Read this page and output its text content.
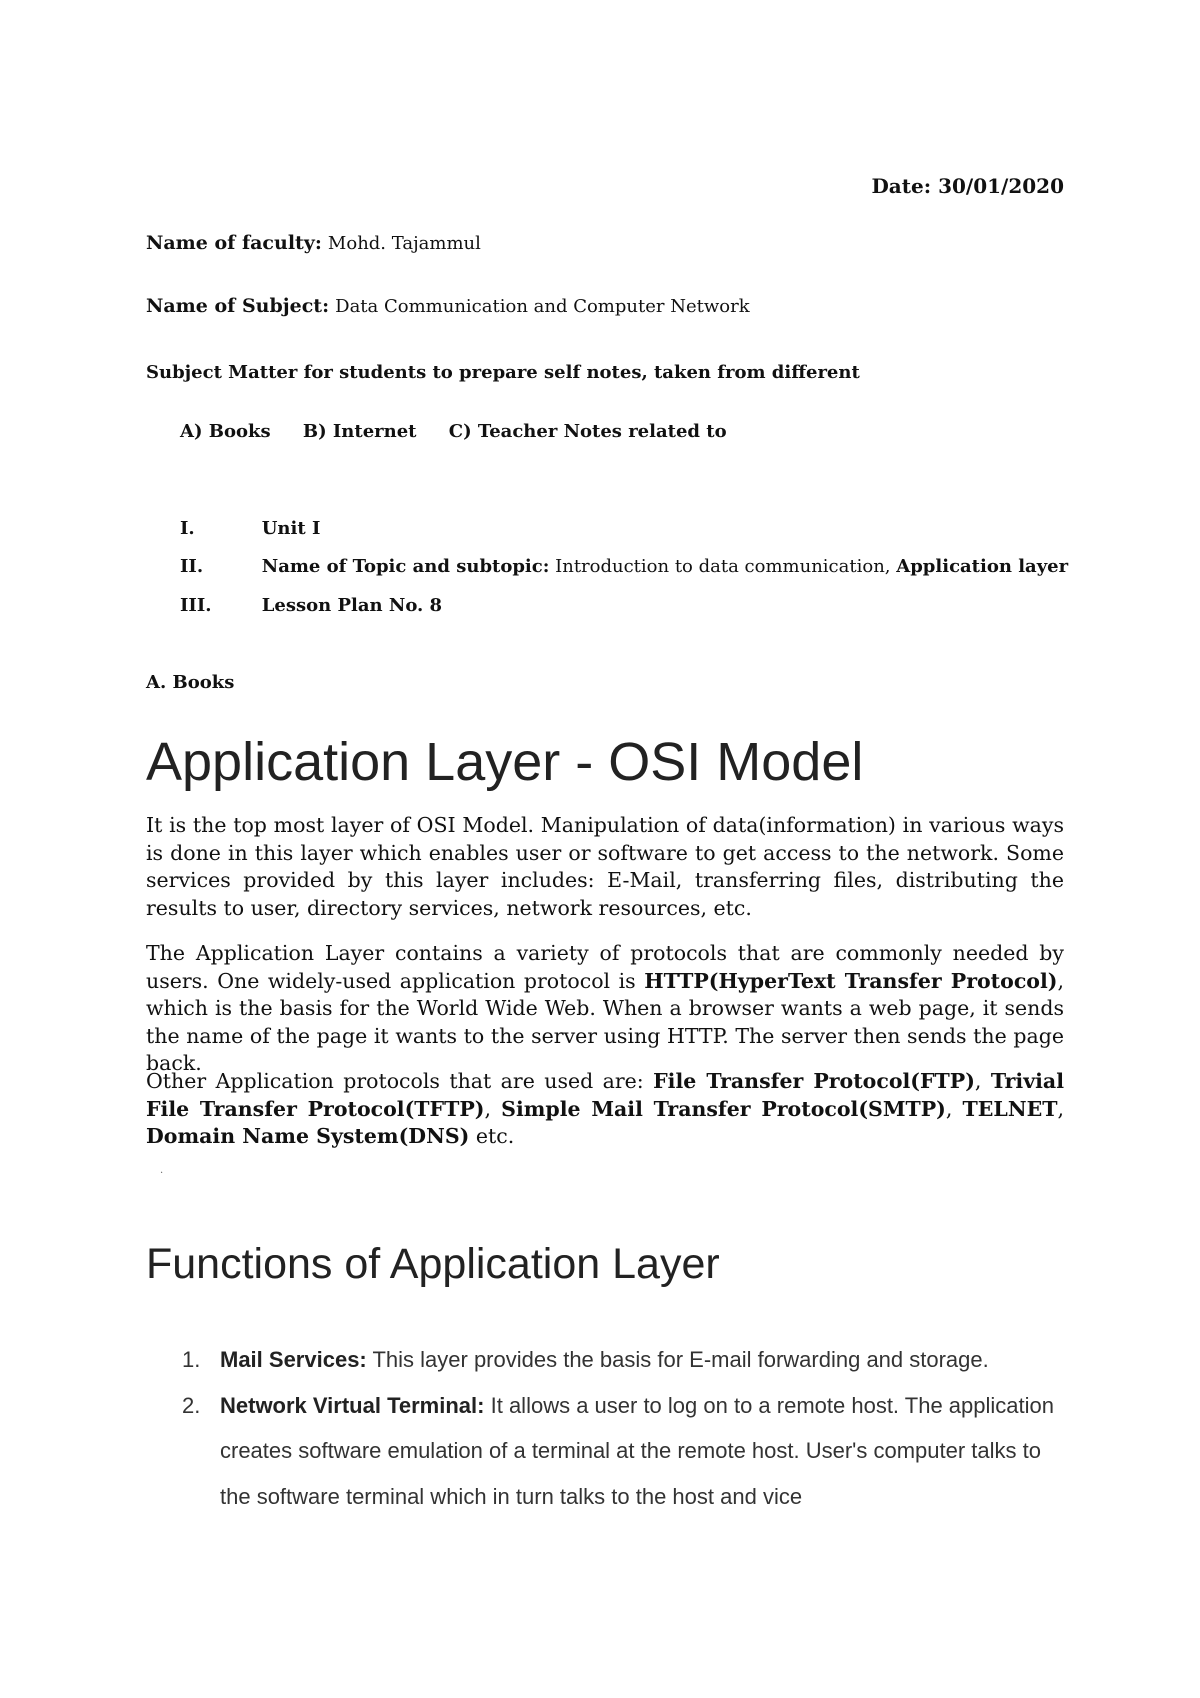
Date: 30/01/2020
Name of faculty: Mohd. Tajammul
Name of Subject: Data Communication and Computer Network
Subject Matter for students to prepare self notes, taken from different
A) Books B) Internet C) Teacher Notes related to
I.	Unit I
II.	Name of Topic and subtopic: Introduction to data communication, Application layer
III.	Lesson Plan No. 8
A. Books
Application Layer - OSI Model

It is the top most layer of OSI Model. Manipulation of data(information) in various ways is done in this layer which enables user or software to get access to the network. Some services provided by this layer includes: E-Mail, transferring files, distributing the results to user, directory services, network resources, etc.

The Application Layer contains a variety of protocols that are commonly needed by users. One widely-used application protocol is HTTP(HyperText Transfer Protocol), which is the basis for the World Wide Web. When a browser wants a web page, it sends the name of the page it wants to the server using HTTP. The server then sends the page back.

Other Application protocols that are used are: File Transfer Protocol(FTP), Trivial File Transfer Protocol(TFTP), Simple Mail Transfer Protocol(SMTP), TELNET, Domain Name System(DNS) etc.

.
Functions of Application Layer
1. Mail Services: This layer provides the basis for E-mail forwarding and storage.
2. Network Virtual Terminal: It allows a user to log on to a remote host. The application creates software emulation of a terminal at the remote host. User's computer talks to the software terminal which in turn talks to the host and vice
